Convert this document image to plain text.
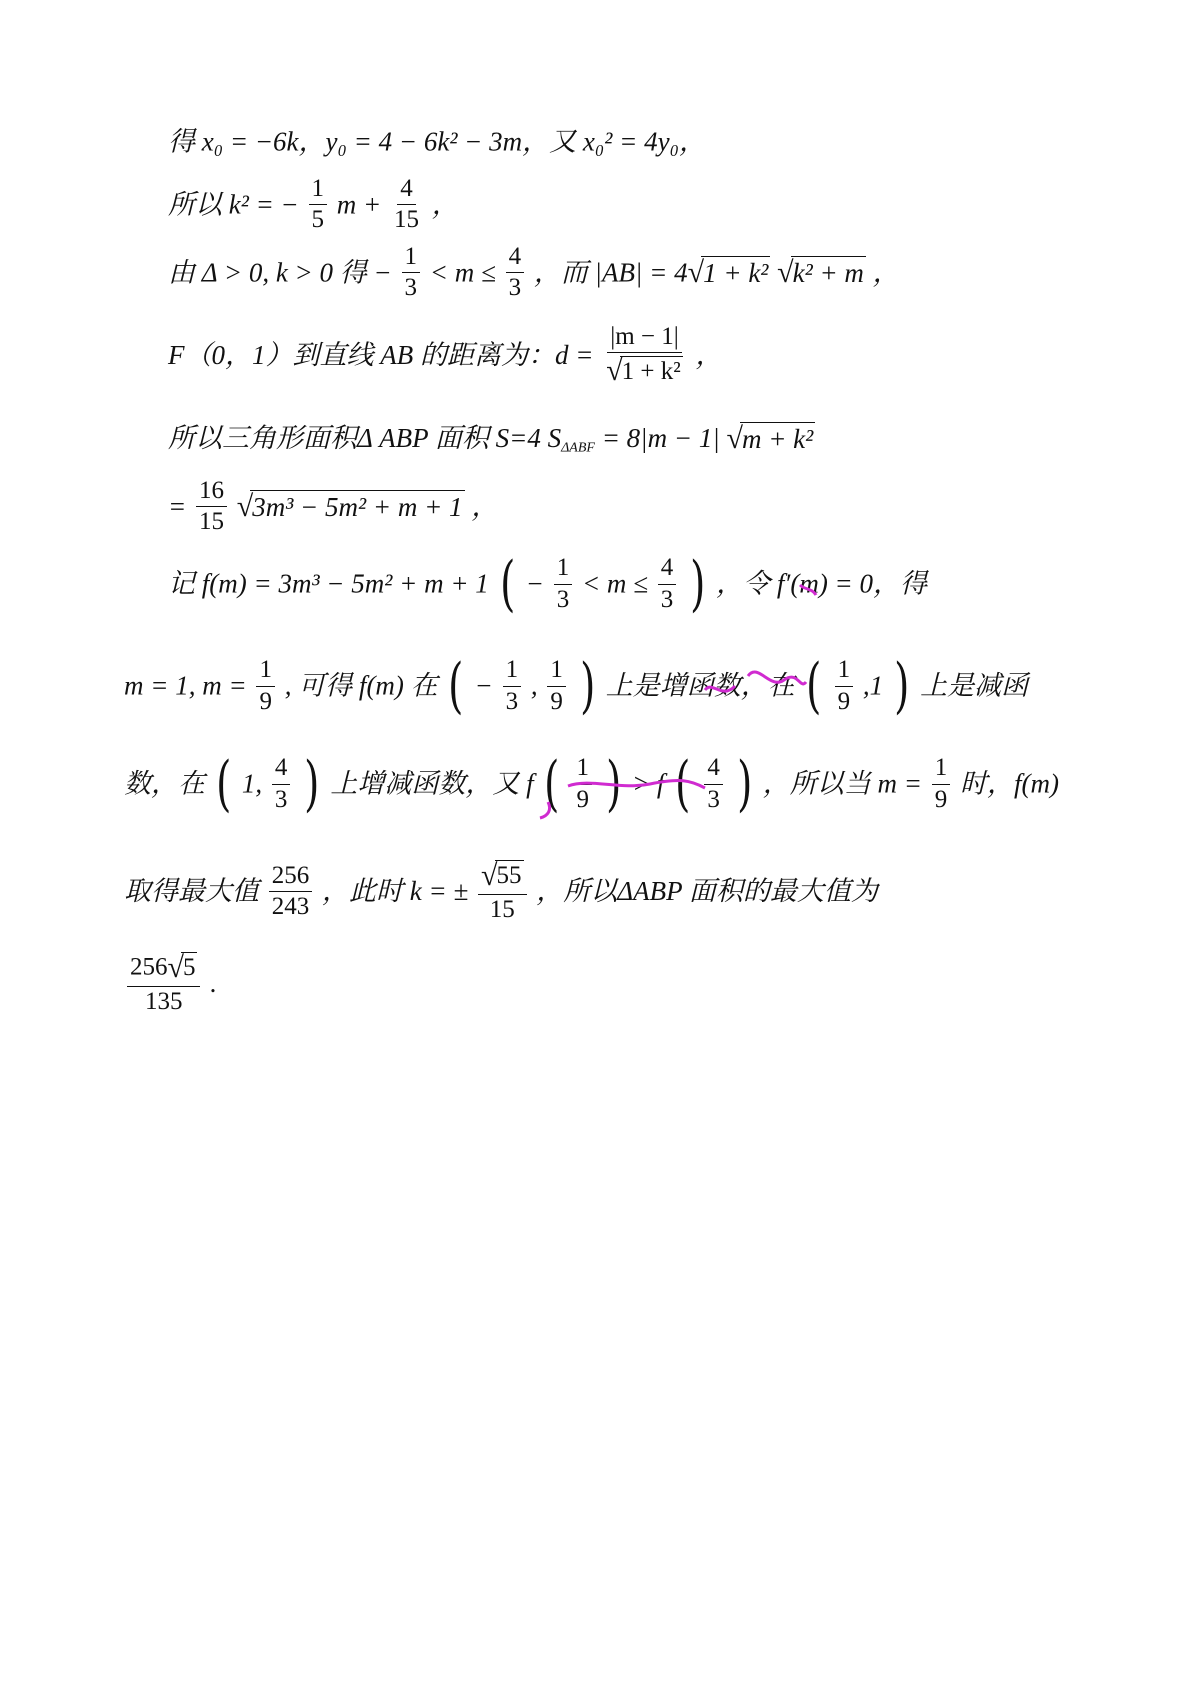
得 x₀ = −6k，y₀ = 4 − 6k² − 3m，又 x₀² = 4y₀，
所以 k² = − $\frac{1}{5}$ $m + \frac{4}{15}$ ，
由 Δ > 0, k > 0 得 − $\frac{1}{3} < m \le \frac{4}{3}$ ，而 |AB| = 4√1 + k² √k² + m ，
F（0，1）到直线 AB 的距离为：$d = \frac{|m - 1|}{\text{√1 + k²}}$ ，
所以三角形面积Δ ABP 面积 S=4 $S_{\Delta ABF} = 8|m - 1|$ √m + k²
= $\frac{16}{15} √3m^3 - 5m^2 + m + 1$ ，
记 f(m) = 3m³ − 5m² + m + 1 ( − $\frac{1}{3} < m \le \frac{4}{3}$ ) ，令 f′(m) = 0，得
m = 1, $m = \frac{1}{9}$ , 可得 f(m) 在 ( − $\frac{1}{3}$ , $\frac{1}{9}$ ) 上是增函数，在 ( $\frac{1}{9} ,1$ ) 上是减函
数，在 ( 1, $\frac{4}{3}$ ) 上增减函数，又 f ( $\frac{1}{9}$ ) > f ( $\frac{4}{3}$ ) ，所以当 $m = \frac{1}{9}$ 时，f(m)
取得最大值 $\frac{256}{243}$ ，此时 k = ± $\frac{√55}{15}$ ，所以ΔABP 面积的最大值为
$\frac{256√5}{135}$ .
